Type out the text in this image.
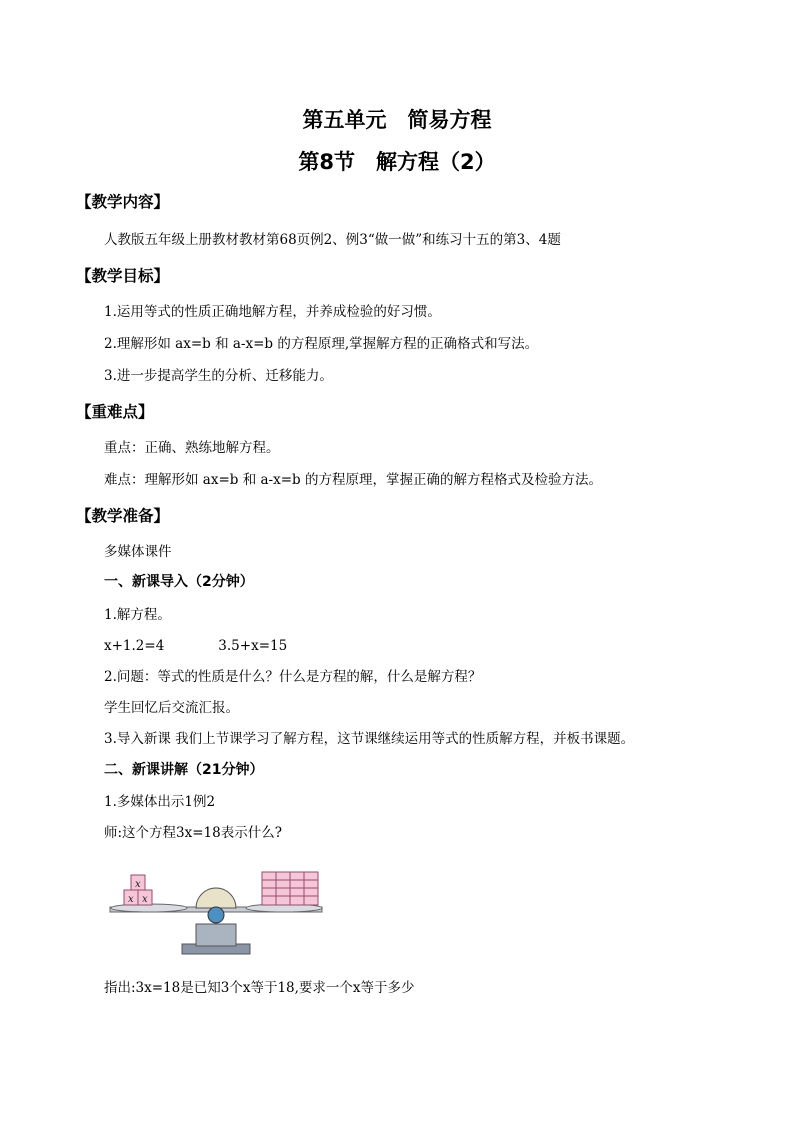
第五单元　简易方程
第8节　解方程（2）
【教学内容】
人教版五年级上册教材教材第68页例2、例3“做一做”和练习十五的第3、4题
【教学目标】
1.运用等式的性质正确地解方程，并养成检验的好习惯。
2.理解形如 ax=b 和 a-x=b 的方程原理,掌握解方程的正确格式和写法。
3.进一步提高学生的分析、迁移能力。
【重难点】
重点：正确、熟练地解方程。
难点：理解形如 ax=b 和 a-x=b 的方程原理，掌握正确的解方程格式及检验方法。
【教学准备】
多媒体课件
一、新课导入（2分钟）
1.解方程。
x+1.2=4　　　　3.5+x=15
2.问题：等式的性质是什么？什么是方程的解，什么是解方程？
学生回忆后交流汇报。
3.导入新课 我们上节课学习了解方程，这节课继续运用等式的性质解方程，并板书课题。
二、新课讲解（21分钟）
1.多媒体出示1例2
师:这个方程3x=18表示什么?
x x
x
指出:3x=18是已知3个x等于18,要求一个x等于多少
